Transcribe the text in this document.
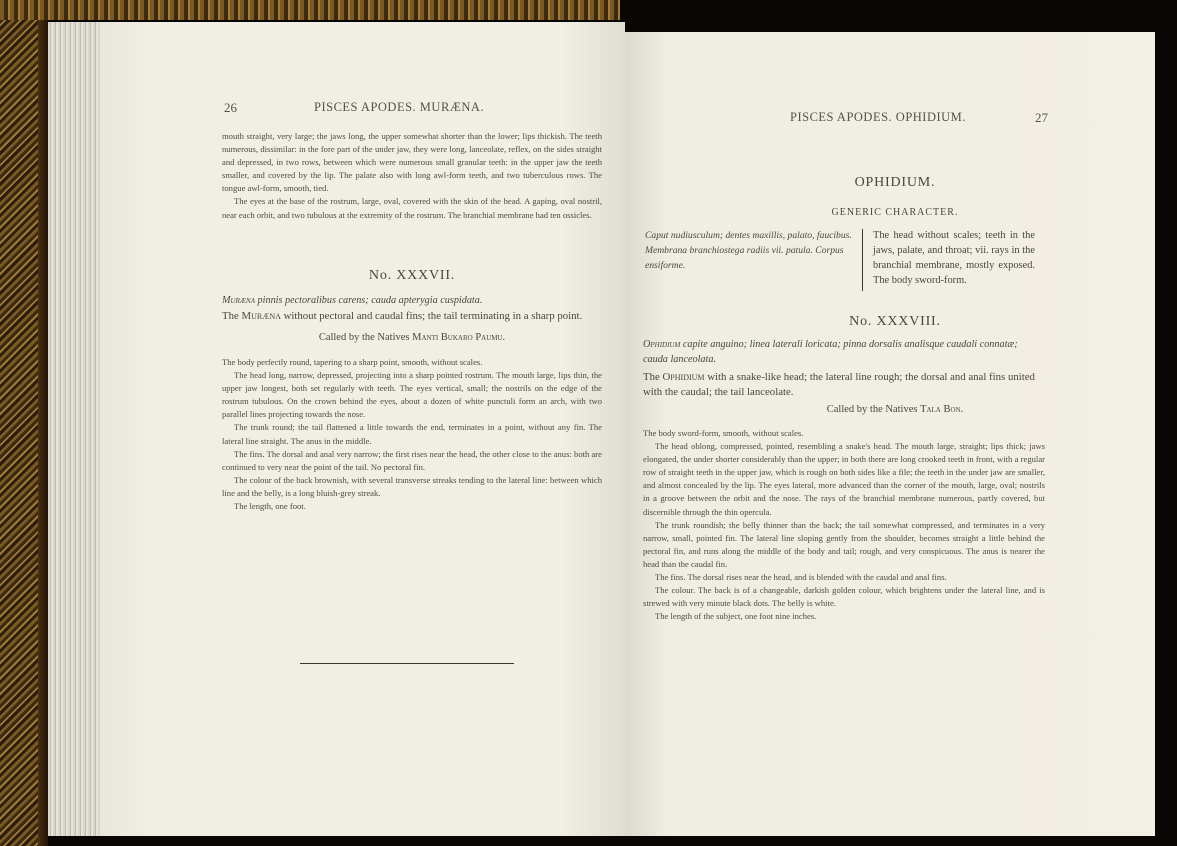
26	PISCES APODES. MURÆNA.

mouth straight, very large; the jaws long, the upper somewhat shorter than the lower; lips thickish. The teeth numerous, dissimilar: in the fore part of the under jaw, they were long, lanceolate, reflex, on the sides straight and depressed, in two rows, between which were numerous small granular teeth: in the upper jaw the teeth smaller, and covered by the lip. The palate also with long awl-form teeth, and two tuberculous rows. The tongue awl-form, smooth, tied.

The eyes at the base of the rostrum, large, oval, covered with the skin of the head. A gaping, oval nostril, near each orbit, and two tubulous at the extremity of the rostrum. The branchial membrane had ten ossicles.

No. XXXVII.
Muræna pinnis pectoralibus carens; cauda apterygia cuspidata.
The Muræna without pectoral and caudal fins; the tail terminating in a sharp point.
Called by the Natives Manti Bukaro Paumu.

The body perfectly round, tapering to a sharp point, smooth, without scales.

The head long, narrow, depressed, projecting into a sharp pointed rostrum. The mouth large, lips thin, the upper jaw longest, both set regularly with teeth. The eyes vertical, small; the nostrils on the edge of the rostrum tubulous. On the crown behind the eyes, about a dozen of white punctuli form an arch, with two parallel lines projecting towards the nose.

The trunk round; the tail flattened a little towards the end, terminates in a point, without any fin. The lateral line straight. The anus in the middle.

The fins. The dorsal and anal very narrow; the first rises near the head, the other close to the anus: both are continued to very near the point of the tail. No pectoral fin.

The colour of the back brownish, with several transverse streaks tending to the lateral line: between which line and the belly, is a long bluish-grey streak.

The length, one foot.

PISCES APODES. OPHIDIUM.	27
OPHIDIUM.
GENERIC CHARACTER.
Caput nudiusculum; dentes maxillis, palato, faucibus. Membrana branchiostega radiis vii. patula. Corpus ensiforme.
The head without scales; teeth in the jaws, palate, and throat; vii. rays in the branchial membrane, mostly exposed. The body sword-form.
No. XXXVIII.
Ophidium capite anguino; linea laterali loricata; pinna dorsalis analisque caudali connatæ; cauda lanceolata.
The Ophidium with a snake-like head; the lateral line rough; the dorsal and anal fins united with the caudal; the tail lanceolate.
Called by the Natives Tala Bon.

The body sword-form, smooth, without scales.

The head oblong, compressed, pointed, resembling a snake's head. The mouth large, straight; lips thick; jaws elongated, the under shorter considerably than the upper; in both there are long crooked teeth in front, with a regular row of straight teeth in the upper jaw, which is rough on both sides like a file; the teeth in the under jaw are smaller, and almost concealed by the lip. The eyes lateral, more advanced than the corner of the mouth, large, oval; nostrils in a groove between the orbit and the nose. The rays of the branchial membrane numerous, partly covered, but discernible through the thin opercula.

The trunk roundish; the belly thinner than the back; the tail somewhat compressed, and terminates in a very narrow, small, pointed fin. The lateral line sloping gently from the shoulder, becomes straight a little behind the pectoral fin, and runs along the middle of the body and tail; rough, and very conspicuous. The anus is nearer the head than the caudal fin.

The fins. The dorsal rises near the head, and is blended with the caudal and anal fins.

The colour. The back is of a changeable, darkish golden colour, which brightens under the lateral line, and is strewed with very minute black dots. The belly is white.

The length of the subject, one foot nine inches.
